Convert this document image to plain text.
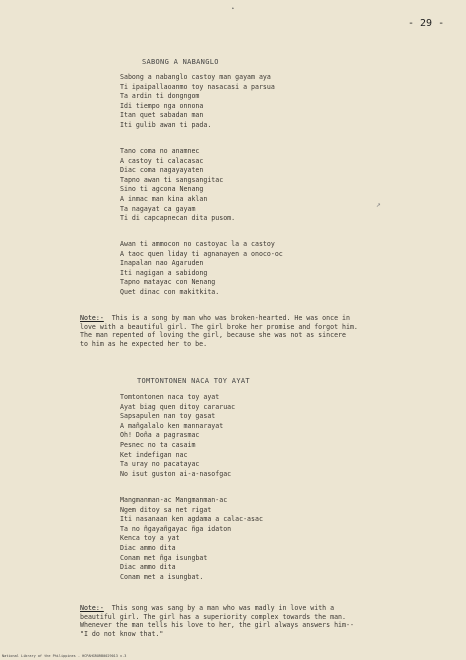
◆
- 29 -
SABONG A NABANGLO
Sabong a nabanglo castoy man gayam aya
Ti ipaipallaoanmo toy nasacasi a parsua
Ta ardin ti dongngom
Idi tiempo nga onnona
Itan quet sabadan man
Iti gulib awan ti pada.
Tano coma no anamnec
A castoy ti calacasac
Diac coma nagayayaten
Tapno awan ti sangsangitac
Sino ti agcona Nenang
A inmac man kina aklan
Ta nagayat ca gayam
Ti di capcapnecan dita pusom.
Awan ti ammocon no castoyac la a castoy
A taoc quen liday ti agnanayen a onoco-oc
Inapalan nao Agaruden
Iti nagigan a sabidong
Tapno matayac con Nenang
Quet dinac con makitkita.
↗
Note:- This is a song by man who was broken-hearted. He was once in
love with a beautiful girl. The girl broke her promise and forgot him.
The man repented of loving the girl, because she was not as sincere
to him as he expected her to be.
TOMTONTONEN NACA TOY AYAT
Tomtontonen naca toy ayat
Ayat biag quen ditoy cararuac
Sapsapulen nan toy gasat
A mañgalalo ken mannarayat
Oh! Doña a pagrasmac
Pesnec no ta casaim
Ket indefigan nac
Ta uray no pacatayac
No isut guston ai-a-nasofgac
Mangmanman-ac Mangmanman-ac
Ngem ditoy sa net rigat
Iti nasanaan ken agdama a calac-asac
Ta no ñgayañgayac ñga idaton
Kenca toy a yat
Diac ammo dita
Conam met ñga isungbat
Diac ammo dita
Conam met a isungbat.
Note:- This song was sang by a man who was madly in love with a
beautiful girl. The girl has a superiority complex towards the man.
Whenever the man tells his love to her, the girl always answers him--
"I do not know that."
National Library of the Philippines - HCPAHGRORB0029013 v.3
